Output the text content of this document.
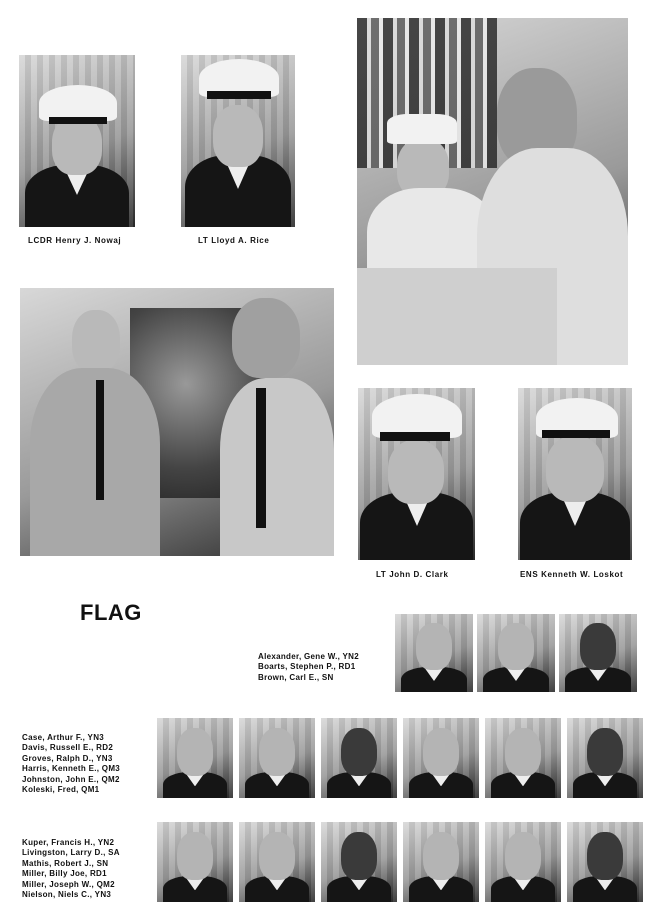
LCDR Henry J. Nowaj	LT Lloyd A. Rice
LT John D. Clark	ENS Kenneth W. Loskot
FLAG
Alexander, Gene W., YN2
Boarts, Stephen P., RD1
Brown, Carl E., SN
Case, Arthur F., YN3
Davis, Russell E., RD2
Groves, Ralph D., YN3
Harris, Kenneth E., QM3
Johnston, John E., QM2
Koleski, Fred, QM1
Kuper, Francis H., YN2
Livingston, Larry D., SA
Mathis, Robert J., SN
Miller, Billy Joe, RD1
Miller, Joseph W., QM2
Nielson, Niels C., YN3
